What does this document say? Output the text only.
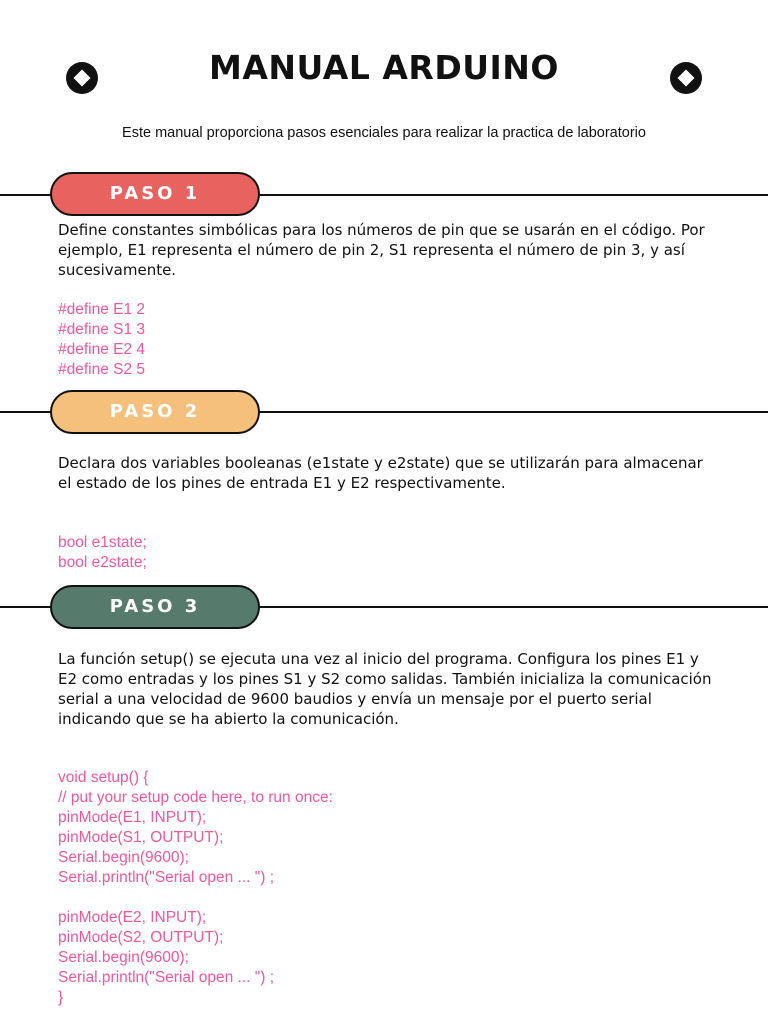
MANUAL ARDUINO

Este manual proporciona pasos esenciales para realizar la practica de laboratorio

PASO 1

Define constantes simbólicas para los números de pin que se usarán en el código. Por ejemplo, E1 representa el número de pin 2, S1 representa el número de pin 3, y así sucesivamente.

#define E1 2
#define S1 3
#define E2 4
#define S2 5
PASO 2

Declara dos variables booleanas (e1state y e2state) que se utilizarán para almacenar el estado de los pines de entrada E1 y E2 respectivamente.

bool e1state;
bool e2state;
PASO 3

La función setup() se ejecuta una vez al inicio del programa. Configura los pines E1 y E2 como entradas y los pines S1 y S2 como salidas. También inicializa la comunicación serial a una velocidad de 9600 baudios y envía un mensaje por el puerto serial indicando que se ha abierto la comunicación.

void setup() {
// put your setup code here, to run once:
pinMode(E1, INPUT);
pinMode(S1, OUTPUT);
Serial.begin(9600);
Serial.println("Serial open ... ") ;
pinMode(E2, INPUT);
pinMode(S2, OUTPUT);
Serial.begin(9600);
Serial.println("Serial open ... ") ;
}
